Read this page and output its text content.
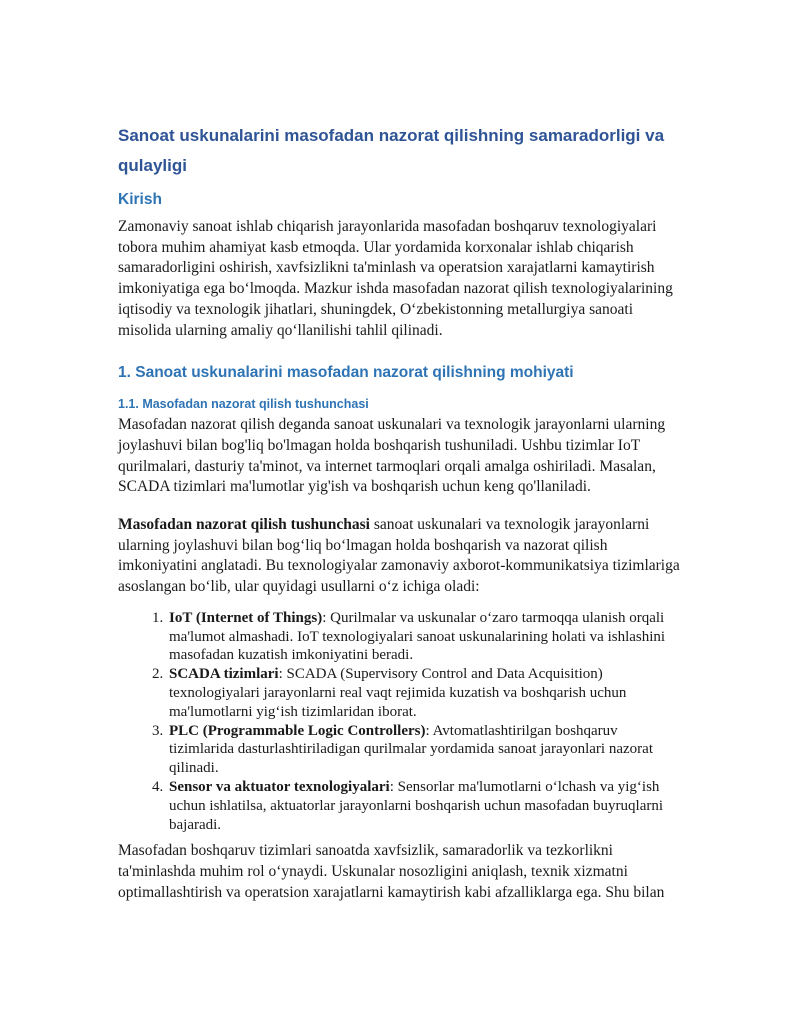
Sanoat uskunalarini masofadan nazorat qilishning samaradorligi va qulayligi
Kirish

Zamonaviy sanoat ishlab chiqarish jarayonlarida masofadan boshqaruv texnologiyalari tobora muhim ahamiyat kasb etmoqda. Ular yordamida korxonalar ishlab chiqarish samaradorligini oshirish, xavfsizlikni ta'minlash va operatsion xarajatlarni kamaytirish imkoniyatiga ega boʻlmoqda. Mazkur ishda masofadan nazorat qilish texnologiyalarining iqtisodiy va texnologik jihatlari, shuningdek, Oʻzbekistonning metallurgiya sanoati misolida ularning amaliy qoʻllanilishi tahlil qilinadi.

1. Sanoat uskunalarini masofadan nazorat qilishning mohiyati
1.1. Masofadan nazorat qilish tushunchasi

Masofadan nazorat qilish deganda sanoat uskunalari va texnologik jarayonlarni ularning joylashuvi bilan bog'liq bo'lmagan holda boshqarish tushuniladi. Ushbu tizimlar IoT qurilmalari, dasturiy ta'minot, va internet tarmoqlari orqali amalga oshiriladi. Masalan, SCADA tizimlari ma'lumotlar yig'ish va boshqarish uchun keng qo'llaniladi.

Masofadan nazorat qilish tushunchasi sanoat uskunalari va texnologik jarayonlarni ularning joylashuvi bilan bogʻliq boʻlmagan holda boshqarish va nazorat qilish imkoniyatini anglatadi. Bu texnologiyalar zamonaviy axborot-kommunikatsiya tizimlariga asoslangan boʻlib, ular quyidagi usullarni oʻz ichiga oladi:

1. IoT (Internet of Things): Qurilmalar va uskunalar oʻzaro tarmoqqa ulanish orqali ma'lumot almashadi. IoT texnologiyalari sanoat uskunalarining holati va ishlashini masofadan kuzatish imkoniyatini beradi.
2. SCADA tizimlari: SCADA (Supervisory Control and Data Acquisition) texnologiyalari jarayonlarni real vaqt rejimida kuzatish va boshqarish uchun ma'lumotlarni yigʻish tizimlaridan iborat.
3. PLC (Programmable Logic Controllers): Avtomatlashtirilgan boshqaruv tizimlarida dasturlashtiriladigan qurilmalar yordamida sanoat jarayonlari nazorat qilinadi.
4. Sensor va aktuator texnologiyalari: Sensorlar ma'lumotlarni oʻlchash va yigʻish uchun ishlatilsa, aktuatorlar jarayonlarni boshqarish uchun masofadan buyruqlarni bajaradi.

Masofadan boshqaruv tizimlari sanoatda xavfsizlik, samaradorlik va tezkorlikni ta'minlashda muhim rol oʻynaydi. Uskunalar nosozligini aniqlash, texnik xizmatni optimallashtirish va operatsion xarajatlarni kamaytirish kabi afzalliklarga ega. Shu bilan
